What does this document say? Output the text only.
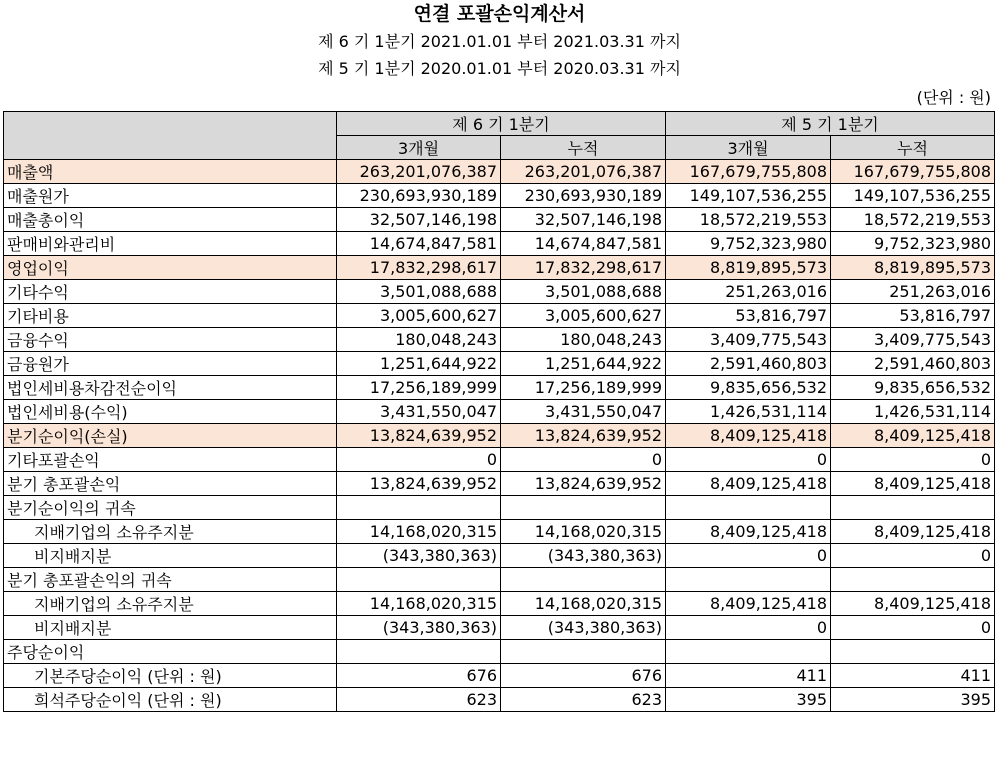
연결 포괄손익계산서
제 6 기 1분기 2021.01.01 부터 2021.03.31 까지
제 5 기 1분기 2020.01.01 부터 2020.03.31 까지
(단위 : 원)
	제 6 기 1분기		제 5 기 1분기	
	3개월	누적	3개월	누적
매출액	263,201,076,387	263,201,076,387	167,679,755,808	167,679,755,808
매출원가	230,693,930,189	230,693,930,189	149,107,536,255	149,107,536,255
매출총이익	32,507,146,198	32,507,146,198	18,572,219,553	18,572,219,553
판매비와관리비	14,674,847,581	14,674,847,581	9,752,323,980	9,752,323,980
영업이익	17,832,298,617	17,832,298,617	8,819,895,573	8,819,895,573
기타수익	3,501,088,688	3,501,088,688	251,263,016	251,263,016
기타비용	3,005,600,627	3,005,600,627	53,816,797	53,816,797
금융수익	180,048,243	180,048,243	3,409,775,543	3,409,775,543
금융원가	1,251,644,922	1,251,644,922	2,591,460,803	2,591,460,803
법인세비용차감전순이익	17,256,189,999	17,256,189,999	9,835,656,532	9,835,656,532
법인세비용(수익)	3,431,550,047	3,431,550,047	1,426,531,114	1,426,531,114
분기순이익(손실)	13,824,639,952	13,824,639,952	8,409,125,418	8,409,125,418
기타포괄손익	0	0	0	0
분기 총포괄손익	13,824,639,952	13,824,639,952	8,409,125,418	8,409,125,418
분기순이익의 귀속				
지배기업의 소유주지분	14,168,020,315	14,168,020,315	8,409,125,418	8,409,125,418
비지배지분	(343,380,363)	(343,380,363)	0	0
분기 총포괄손익의 귀속				
지배기업의 소유주지분	14,168,020,315	14,168,020,315	8,409,125,418	8,409,125,418
비지배지분	(343,380,363)	(343,380,363)	0	0
주당순이익				
기본주당순이익 (단위 : 원)	676	676	411	411
희석주당순이익 (단위 : 원)	623	623	395	395
